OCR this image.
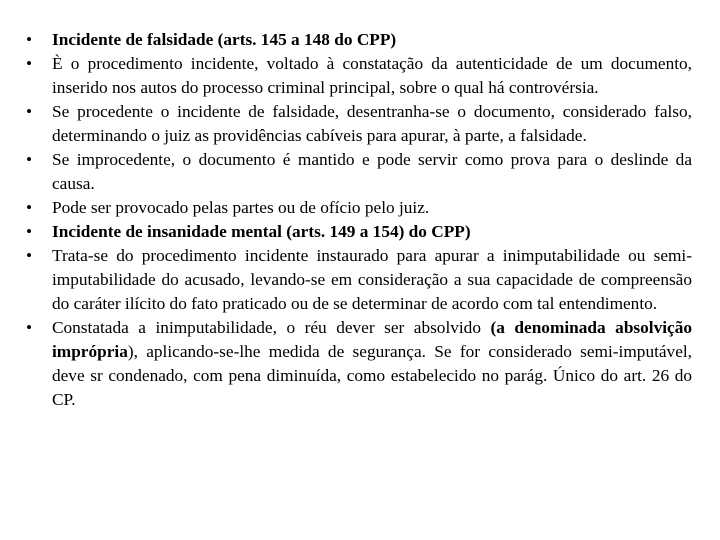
• Incidente de falsidade (arts. 145 a 148 do CPP)
• È o procedimento incidente, voltado à constatação da autenticidade de um documento, inserido nos autos do processo criminal principal, sobre o qual há controvérsia.
• Se procedente o incidente de falsidade, desentranha-se o documento, considerado falso, determinando o juiz as providências cabíveis para apurar, à parte, a falsidade.
• Se improcedente, o documento é mantido e pode servir como prova para o deslinde da causa.
• Pode ser provocado pelas partes ou de ofício pelo juiz.
• Incidente de insanidade mental (arts. 149 a 154) do CPP)
• Trata-se do procedimento incidente instaurado para apurar a inimputabilidade ou semi-imputabilidade do acusado, levando-se em consideração a sua capacidade de compreensão do caráter ilícito do fato praticado ou de se determinar de acordo com tal entendimento.
• Constatada a inimputabilidade, o réu dever ser absolvido (a denominada absolvição imprópria), aplicando-se-lhe medida de segurança. Se for considerado semi-imputável, deve sr condenado, com pena diminuída, como estabelecido no parág. Único do art. 26 do CP.
